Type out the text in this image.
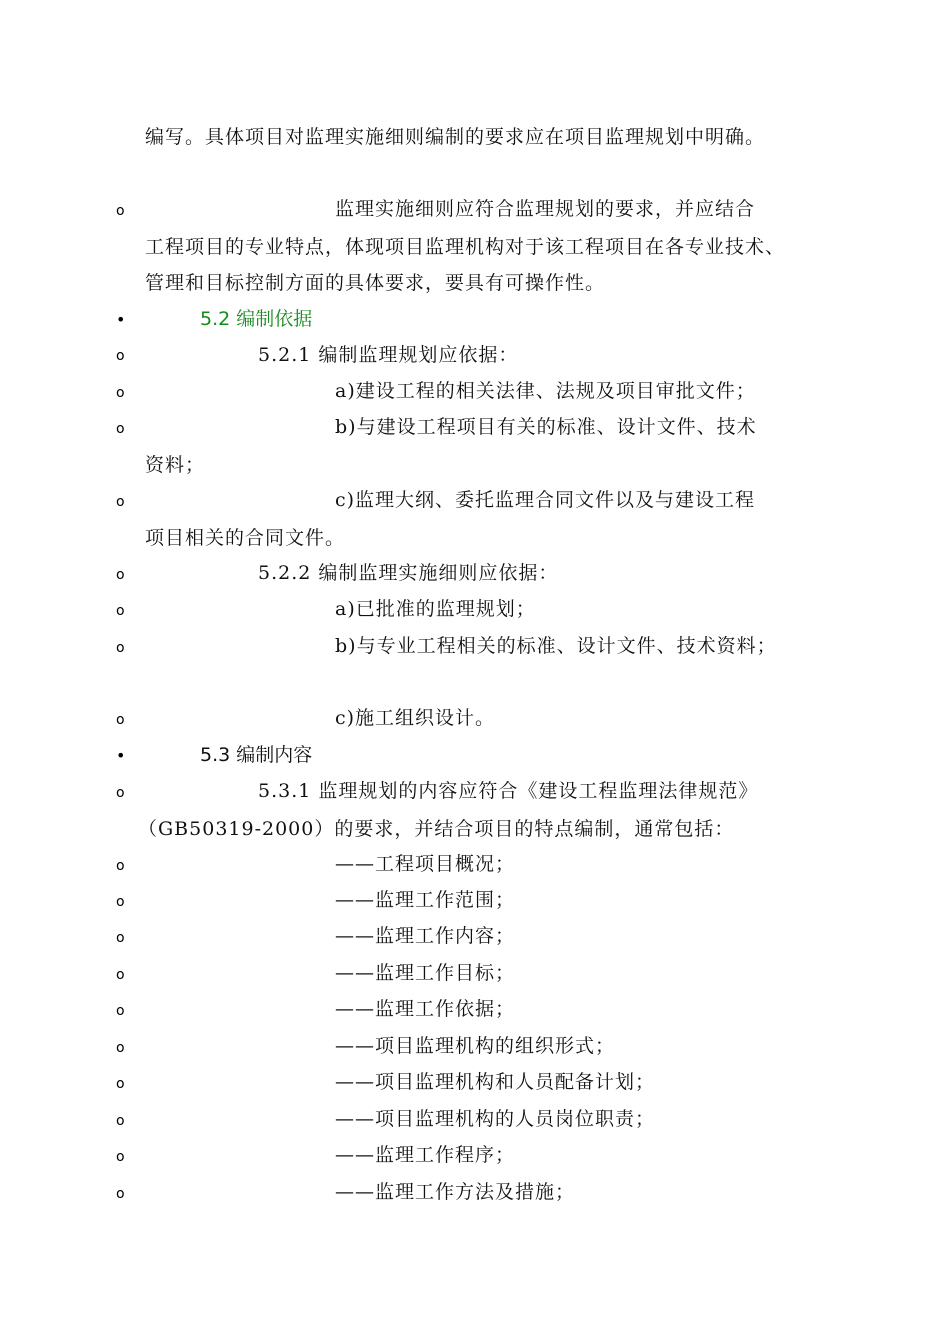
编写。具体项目对监理实施细则编制的要求应在项目监理规划中明确。
o	监理实施细则应符合监理规划的要求，并应结合
工程项目的专业特点，体现项目监理机构对于该工程项目在各专业技术、
管理和目标控制方面的具体要求，要具有可操作性。
•	5.2 编制依据
o	5.2.1 编制监理规划应依据：
o	a)建设工程的相关法律、法规及项目审批文件；
o	b)与建设工程项目有关的标准、设计文件、技术
资料；
o	c)监理大纲、委托监理合同文件以及与建设工程
项目相关的合同文件。
o	5.2.2 编制监理实施细则应依据：
o	a)已批准的监理规划；
o	b)与专业工程相关的标准、设计文件、技术资料；
o	c)施工组织设计。
•	5.3 编制内容
o	5.3.1 监理规划的内容应符合《建设工程监理法律规范》
（GB50319-2000）的要求，并结合项目的特点编制，通常包括：
o	——工程项目概况；
o	——监理工作范围；
o	——监理工作内容；
o	——监理工作目标；
o	——监理工作依据；
o	——项目监理机构的组织形式；
o	——项目监理机构和人员配备计划；
o	——项目监理机构的人员岗位职责；
o	——监理工作程序；
o	——监理工作方法及措施；
